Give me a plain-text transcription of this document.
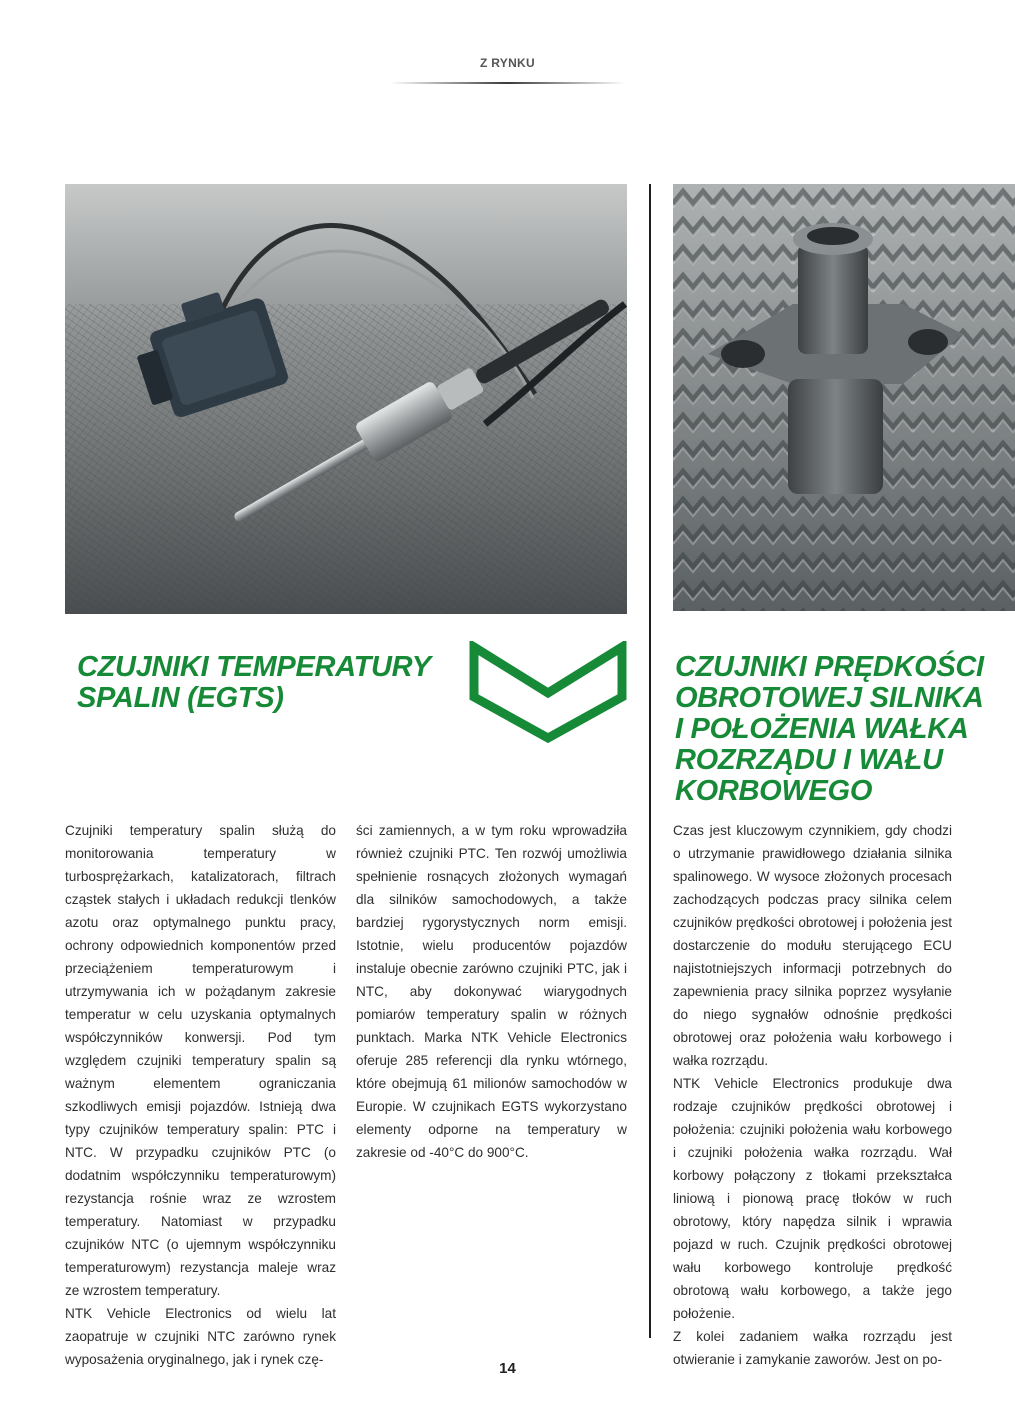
Z RYNKU
CZUJNIKI TEMPERATURY
SPALIN (EGTS)
CZUJNIKI PRĘDKOŚCI
OBROTOWEJ SILNIKA
I POŁOŻENIA WAŁKA
ROZRZĄDU I WAŁU
KORBOWEGO

Czujniki temperatury spalin służą do monitorowania temperatury w turbosprężarkach, katalizatorach, filtrach cząstek stałych i układach redukcji tlenków azotu oraz optymalnego punktu pracy, ochrony odpowiednich komponentów przed przeciążeniem temperaturowym i utrzymywania ich w pożądanym zakresie temperatur w celu uzyskania optymalnych współczynników konwersji. Pod tym względem czujniki temperatury spalin są ważnym elementem ograniczania szkodliwych emisji pojazdów. Istnieją dwa typy czujników temperatury spalin: PTC i NTC. W przypadku czujników PTC (o dodatnim współczynniku temperaturowym) rezystancja rośnie wraz ze wzrostem temperatury. Natomiast w przypadku czujników NTC (o ujemnym współczynniku temperaturowym) rezystancja maleje wraz ze wzrostem temperatury.

NTK Vehicle Electronics od wielu lat zaopatruje w czujniki NTC zarówno rynek wyposażenia oryginalnego, jak i rynek czę-

ści zamiennych, a w tym roku wprowadziła również czujniki PTC. Ten rozwój umożliwia spełnienie rosnących złożonych wymagań dla silników samochodowych, a także bardziej rygorystycznych norm emisji. Istotnie, wielu producentów pojazdów instaluje obecnie zarówno czujniki PTC, jak i NTC, aby dokonywać wiarygodnych pomiarów temperatury spalin w różnych punktach. Marka NTK Vehicle Electronics oferuje 285 referencji dla rynku wtórnego, które obejmują 61 milionów samochodów w Europie. W czujnikach EGTS wykorzystano elementy odporne na temperatury w zakresie od -40°C do 900°C.

Czas jest kluczowym czynnikiem, gdy chodzi o utrzymanie prawidłowego działania silnika spalinowego. W wysoce złożonych procesach zachodzących podczas pracy silnika celem czujników prędkości obrotowej i położenia jest dostarczenie do modułu sterującego ECU najistotniejszych informacji potrzebnych do zapewnienia pracy silnika poprzez wysyłanie do niego sygnałów odnośnie prędkości obrotowej oraz położenia wału korbowego i wałka rozrządu.

NTK Vehicle Electronics produkuje dwa rodzaje czujników prędkości obrotowej i położenia: czujniki położenia wału korbowego i czujniki położenia wałka rozrządu. Wał korbowy połączony z tłokami przekształca liniową i pionową pracę tłoków w ruch obrotowy, który napędza silnik i wprawia pojazd w ruch. Czujnik prędkości obrotowej wału korbowego kontroluje prędkość obrotową wału korbowego, a także jego położenie.

Z kolei zadaniem wałka rozrządu jest otwieranie i zamykanie zaworów. Jest on po-

14
